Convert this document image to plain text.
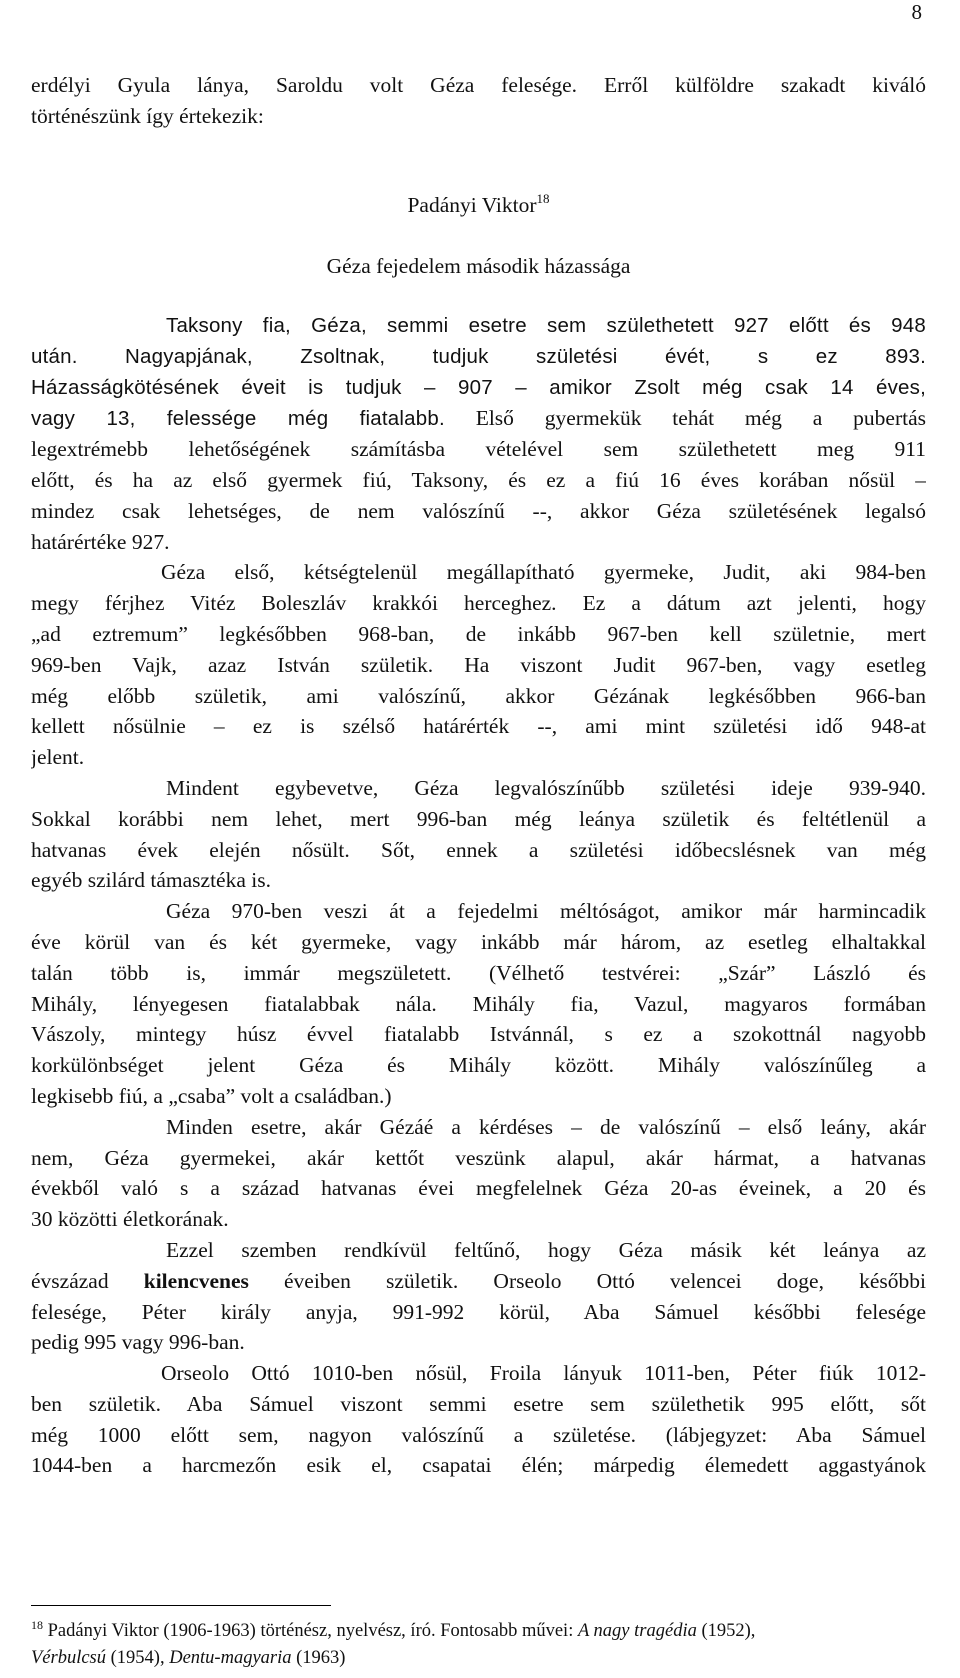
8
erdélyi Gyula lánya, Saroldu volt Géza felesége. Erről külföldre szakadt kiváló
történészünk így értekezik:
Padányi Viktor$^{18}$
Géza fejedelem második házassága
Taksony fia, Géza, semmi esetre sem születhetett 927 előtt és 948
után. Nagyapjának, Zsoltnak, tudjuk születési évét, s ez 893.
Házasságkötésének éveit is tudjuk – 907 – amikor Zsolt még csak 14 éves,
vagy 13, felessége még fiatalabb. Első gyermekük tehát még a pubertás
legextrémebb lehetőségének számításba vételével sem születhetett meg 911
előtt, és ha az első gyermek fiú, Taksony, és ez a fiú 16 éves korában nősül –
mindez csak lehetséges, de nem valószínű --, akkor Géza születésének legalsó
határértéke 927.
Géza első, kétségtelenül megállapítható gyermeke, Judit, aki 984-ben
megy férjhez Vitéz Boleszláv krakkói herceghez. Ez a dátum azt jelenti, hogy
„ad eztremum” legkésőbben 968-ban, de inkább 967-ben kell születnie, mert
969-ben Vajk, azaz István születik. Ha viszont Judit 967-ben, vagy esetleg
még előbb születik, ami valószínű, akkor Gézának legkésőbben 966-ban
kellett nősülnie – ez is szélső határérték --, ami mint születési idő 948-at
jelent.
Mindent egybevetve, Géza legvalószínűbb születési ideje 939-940.
Sokkal korábbi nem lehet, mert 996-ban még leánya születik és feltétlenül a
hatvanas évek elején nősült. Sőt, ennek a születési időbecslésnek van még
egyéb szilárd támasztéka is.
Géza 970-ben veszi át a fejedelmi méltóságot, amikor már harmincadik
éve körül van és két gyermeke, vagy inkább már három, az esetleg elhaltakkal
talán több is, immár megszületett. (Vélhető testvérei: „Szár” László és
Mihály, lényegesen fiatalabbak nála. Mihály fia, Vazul, magyaros formában
Vászoly, mintegy húsz évvel fiatalabb Istvánnál, s ez a szokottnál nagyobb
korkülönbséget jelent Géza és Mihály között. Mihály valószínűleg a
legkisebb fiú, a „csaba” volt a családban.)
Minden esetre, akár Gézáé a kérdéses – de valószínű – első leány, akár
nem, Géza gyermekei, akár kettőt veszünk alapul, akár hármat, a hatvanas
évekből való s a század hatvanas évei megfelelnek Géza 20-as éveinek, a 20 és
30 közötti életkorának.
Ezzel szemben rendkívül feltűnő, hogy Géza másik két leánya az
évszázad kilencvenes éveiben születik. Orseolo Ottó velencei doge, későbbi
felesége, Péter király anyja, 991-992 körül, Aba Sámuel későbbi felesége
pedig 995 vagy 996-ban.
Orseolo Ottó 1010-ben nősül, Froila lányuk 1011-ben, Péter fiúk 1012-
ben születik. Aba Sámuel viszont semmi esetre sem születhetik 995 előtt, sőt
még 1000 előtt sem, nagyon valószínű a születése. (lábjegyzet: Aba Sámuel
1044-ben a harcmezőn esik el, csapatai élén; márpedig élemedett aggastyánok
$^{18}$ Padányi Viktor (1906-1963) történész, nyelvész, író. Fontosabb művei: A nagy tragédia (1952),
Vérbulcsú (1954), Dentu-magyaria (1963)
